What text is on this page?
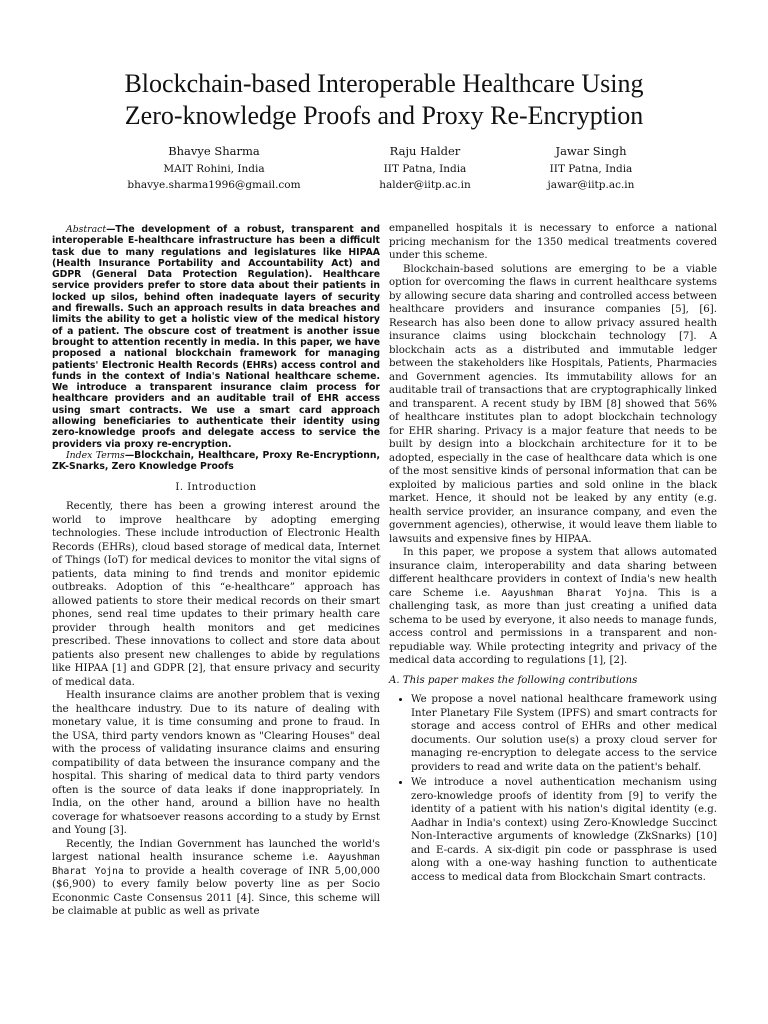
Blockchain-based Interoperable Healthcare Using
Zero-knowledge Proofs and Proxy Re-Encryption
Bhavye Sharma
MAIT Rohini, India
bhavye.sharma1996@gmail.com
Raju Halder
IIT Patna, India
halder@iitp.ac.in
Jawar Singh
IIT Patna, India
jawar@iitp.ac.in

Abstract—The development of a robust, transparent and interoperable E-healthcare infrastructure has been a difficult task due to many regulations and legislatures like HIPAA (Health Insurance Portability and Accountability Act) and GDPR (General Data Protection Regulation). Healthcare service providers prefer to store data about their patients in locked up silos, behind often inadequate layers of security and firewalls. Such an approach results in data breaches and limits the ability to get a holistic view of the medical history of a patient. The obscure cost of treatment is another issue brought to attention recently in media. In this paper, we have proposed a national blockchain framework for managing patients' Electronic Health Records (EHRs) access control and funds in the context of India's National healthcare scheme. We introduce a transparent insurance claim process for healthcare providers and an auditable trail of EHR access using smart contracts. We use a smart card approach allowing beneficiaries to authenticate their identity using zero-knowledge proofs and delegate access to service the providers via proxy re-encryption.

Index Terms—Blockchain, Healthcare, Proxy Re-Encryptionn, ZK-Snarks, Zero Knowledge Proofs

I. Introduction

Recently, there has been a growing interest around the world to improve healthcare by adopting emerging technologies. These include introduction of Electronic Health Records (EHRs), cloud based storage of medical data, Internet of Things (IoT) for medical devices to monitor the vital signs of patients, data mining to find trends and monitor epidemic outbreaks. Adoption of this “e-healthcare” approach has allowed patients to store their medical records on their smart phones, send real time updates to their primary health care provider through health monitors and get medicines prescribed. These innovations to collect and store data about patients also present new challenges to abide by regulations like HIPAA [1] and GDPR [2], that ensure privacy and security of medical data.

Health insurance claims are another problem that is vexing the healthcare industry. Due to its nature of dealing with monetary value, it is time consuming and prone to fraud. In the USA, third party vendors known as "Clearing Houses" deal with the process of validating insurance claims and ensuring compatibility of data between the insurance company and the hospital. This sharing of medical data to third party vendors often is the source of data leaks if done inappropriately. In India, on the other hand, around a billion have no health coverage for whatsoever reasons according to a study by Ernst and Young [3].

Recently, the Indian Government has launched the world's largest national health insurance scheme i.e. Aayushman Bharat Yojna to provide a health coverage of INR 5,00,000 ($6,900) to every family below poverty line as per Socio Econonmic Caste Consensus 2011 [4]. Since, this scheme will be claimable at public as well as private

empanelled hospitals it is necessary to enforce a national pricing mechanism for the 1350 medical treatments covered under this scheme.

Blockchain-based solutions are emerging to be a viable option for overcoming the flaws in current healthcare systems by allowing secure data sharing and controlled access between healthcare providers and insurance companies [5], [6]. Research has also been done to allow privacy assured health insurance claims using blockchain technology [7]. A blockchain acts as a distributed and immutable ledger between the stakeholders like Hospitals, Patients, Pharmacies and Government agencies. Its immutability allows for an auditable trail of transactions that are cryptographically linked and transparent. A recent study by IBM [8] showed that 56% of healthcare institutes plan to adopt blockchain technology for EHR sharing. Privacy is a major feature that needs to be built by design into a blockchain architecture for it to be adopted, especially in the case of healthcare data which is one of the most sensitive kinds of personal information that can be exploited by malicious parties and sold online in the black market. Hence, it should not be leaked by any entity (e.g. health service provider, an insurance company, and even the government agencies), otherwise, it would leave them liable to lawsuits and expensive fines by HIPAA.

In this paper, we propose a system that allows automated insurance claim, interoperability and data sharing between different healthcare providers in context of India's new health care Scheme i.e. Aayushman Bharat Yojna. This is a challenging task, as more than just creating a unified data schema to be used by everyone, it also needs to manage funds, access control and permissions in a transparent and non-repudiable way. While protecting integrity and privacy of the medical data according to regulations [1], [2].

A. This paper makes the following contributions
• We propose a novel national healthcare framework using Inter Planetary File System (IPFS) and smart contracts for storage and access control of EHRs and other medical documents. Our solution use(s) a proxy cloud server for managing re-encryption to delegate access to the service providers to read and write data on the patient's behalf.
• We introduce a novel authentication mechanism using zero-knowledge proofs of identity from [9] to verify the identity of a patient with his nation's digital identity (e.g. Aadhar in India's context) using Zero-Knowledge Succinct Non-Interactive arguments of knowledge (ZkSnarks) [10] and E-cards. A six-digit pin code or passphrase is used along with a one-way hashing function to authenticate access to medical data from Blockchain Smart contracts.
